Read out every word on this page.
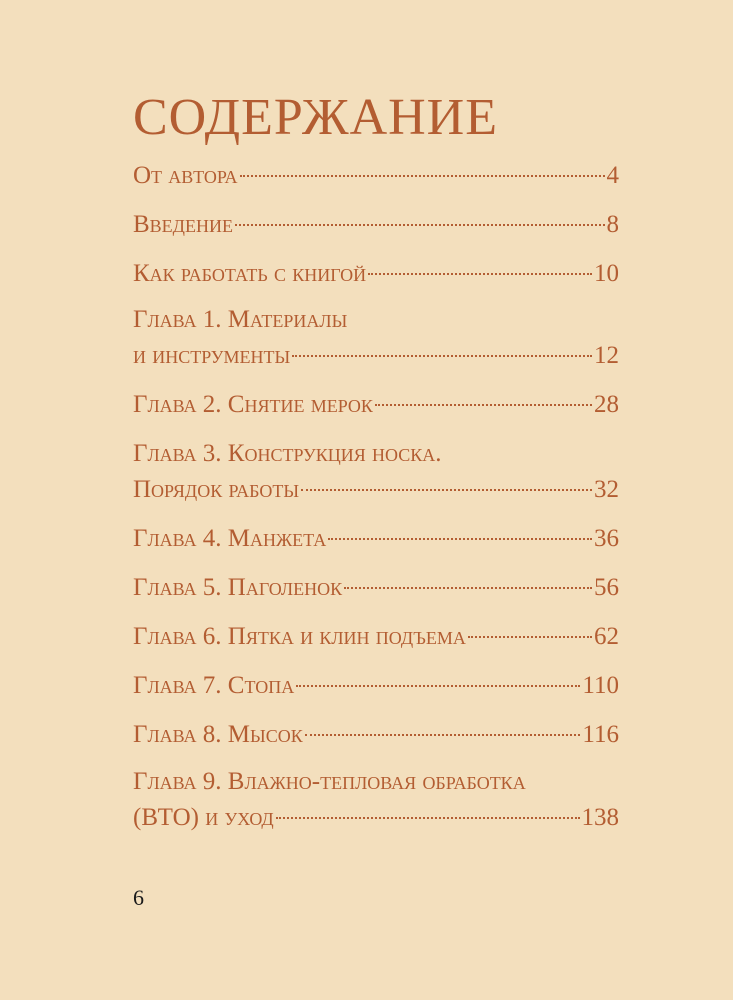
СОДЕРЖАНИЕ
От автора	4
Введение	8
Как работать с книгой	10
Глава 1. Материалы
и инструменты	12
Глава 2. Снятие мерок	28
Глава 3. Конструкция носка.
Порядок работы	32
Глава 4. Манжета	36
Глава 5. Паголенок	56
Глава 6. Пятка и клин подъема	62
Глава 7. Стопа	110
Глава 8. Мысок	116
Глава 9. Влажно-тепловая обработка
(ВТО) и уход	138
6
